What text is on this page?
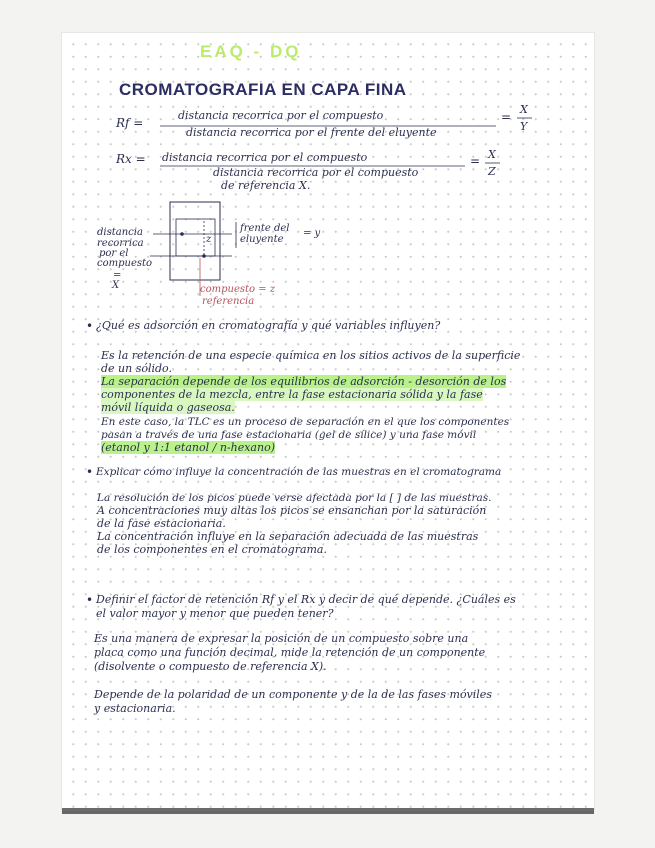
EAQ - DQ
CROMATOGRAFIA EN CAPA FINA
Rf =
distancia recorrica por el compuesto
distancia recorrica por el frente del eluyente
=
X
Y
Rx = distancia recorrica por el compuesto
distancia recorrica por el compuesto
de referencia X.
= X
Z
distancia
recorrica
por el
compuesto
=
X
z
frente del
eluyente
= y
compuesto = z
referencia
• ¿Qué es adsorción en cromatografía y qué variables influyen?
Es la retención de una especie química en los sitios activos de la superficie
de un sólido.
La separación depende de los equilibrios de adsorción - desorción de los
componentes de la mezcla, entre la fase estacionaria sólida y la fase
móvil líquida o gaseosa.
En este caso, la TLC es un proceso de separación en el que los componentes
pasan a través de una fase estacionaria (gel de sílice) y una fase móvil
(etanol y 1:1 etanol / n-hexano)
• Explicar cómo influye la concentración de las muestras en el cromatograma
La resolución de los picos puede verse afectada por la [ ] de las muestras.
A concentraciones muy altas los picos se ensanchan por la saturación
de la fase estacionaria.
La concentración influye en la separación adecuada de las muestras
de los componentes en el cromatograma.
• Definir el factor de retención Rf y el Rx y decir de qué depende. ¿Cuáles es
el valor mayor y menor que pueden tener?
Es una manera de expresar la posición de un compuesto sobre una
placa como una función decimal, mide la retención de un componente
(disolvente o compuesto de referencia X).
Depende de la polaridad de un componente y de la de las fases móviles
y estacionaria.
